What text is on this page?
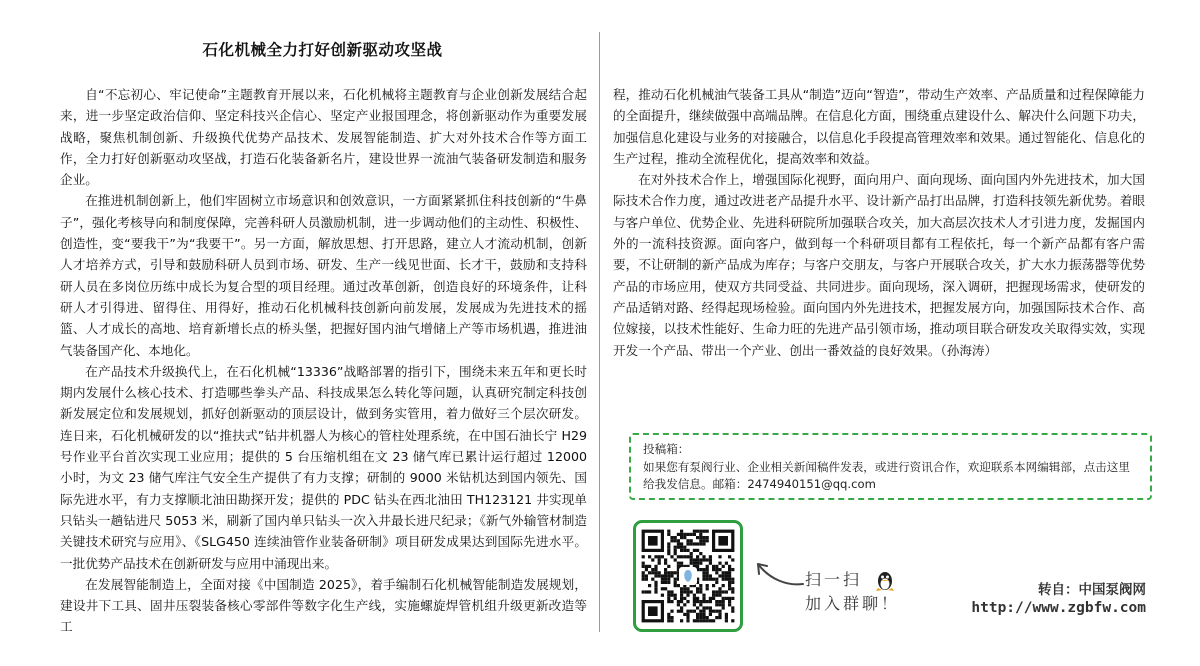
石化机械全力打好创新驱动攻坚战

自“不忘初心、牢记使命”主题教育开展以来，石化机械将主题教育与企业创新发展结合起来，进一步坚定政治信仰、坚定科技兴企信心、坚定产业报国理念，将创新驱动作为重要发展战略，聚焦机制创新、升级换代优势产品技术、发展智能制造、扩大对外技术合作等方面工作，全力打好创新驱动攻坚战，打造石化装备新名片，建设世界一流油气装备研发制造和服务企业。

在推进机制创新上，他们牢固树立市场意识和创效意识，一方面紧紧抓住科技创新的“牛鼻子”，强化考核导向和制度保障，完善科研人员激励机制，进一步调动他们的主动性、积极性、创造性，变“要我干”为“我要干”。另一方面，解放思想、打开思路，建立人才流动机制，创新人才培养方式，引导和鼓励科研人员到市场、研发、生产一线见世面、长才干，鼓励和支持科研人员在多岗位历练中成长为复合型的项目经理。通过改革创新，创造良好的环境条件，让科研人才引得进、留得住、用得好，推动石化机械科技创新向前发展，发展成为先进技术的摇篮、人才成长的高地、培育新增长点的桥头堡，把握好国内油气增储上产等市场机遇，推进油气装备国产化、本地化。

在产品技术升级换代上，在石化机械“13336”战略部署的指引下，围绕未来五年和更长时期内发展什么核心技术、打造哪些拳头产品、科技成果怎么转化等问题，认真研究制定科技创新发展定位和发展规划，抓好创新驱动的顶层设计，做到务实管用，着力做好三个层次研发。连日来，石化机械研发的以“推扶式”钻井机器人为核心的管柱处理系统，在中国石油长宁 H29 号作业平台首次实现工业应用；提供的 5 台压缩机组在文 23 储气库已累计运行超过 12000 小时，为文 23 储气库注气安全生产提供了有力支撑；研制的 9000 米钻机达到国内领先、国际先进水平，有力支撑顺北油田勘探开发；提供的 PDC 钻头在西北油田 TH123121 井实现单只钻头一趟钻进尺 5053 米，刷新了国内单只钻头一次入井最长进尺纪录；《新气外输管材制造关键技术研究与应用》、《SLG450 连续油管作业装备研制》项目研发成果达到国际先进水平。一批优势产品技术在创新研发与应用中涌现出来。

在发展智能制造上，全面对接《中国制造 2025》，着手编制石化机械智能制造发展规划，建设井下工具、固井压裂装备核心零部件等数字化生产线，实施螺旋焊管机组升级更新改造等工

程，推动石化机械油气装备工具从“制造”迈向“智造”，带动生产效率、产品质量和过程保障能力的全面提升，继续做强中高端品牌。在信息化方面，围绕重点建设什么、解决什么问题下功夫，加强信息化建设与业务的对接融合，以信息化手段提高管理效率和效果。通过智能化、信息化的生产过程，推动全流程优化，提高效率和效益。

在对外技术合作上，增强国际化视野，面向用户、面向现场、面向国内外先进技术，加大国际技术合作力度，通过改进老产品提升水平、设计新产品打出品牌，打造科技领先新优势。着眼与客户单位、优势企业、先进科研院所加强联合攻关，加大高层次技术人才引进力度，发掘国内外的一流科技资源。面向客户，做到每一个科研项目都有工程依托，每一个新产品都有客户需要，不让研制的新产品成为库存；与客户交朋友，与客户开展联合攻关，扩大水力振荡器等优势产品的市场应用，使双方共同受益、共同进步。面向现场，深入调研，把握现场需求，使研发的产品适销对路、经得起现场检验。面向国内外先进技术，把握发展方向，加强国际技术合作、高位嫁接，以技术性能好、生命力旺的先进产品引领市场，推动项目联合研发攻关取得实效，实现开发一个产品、带出一个产业、创出一番效益的良好效果。（孙海涛）

投稿箱：
如果您有泵阀行业、企业相关新闻稿件发表，或进行资讯合作，欢迎联系本网编辑部，点击这里给我发信息。邮箱：2474940151@qq.com
扫一扫
加入群聊！
转自：中国泵阀网
http://www.zgbfw.com
